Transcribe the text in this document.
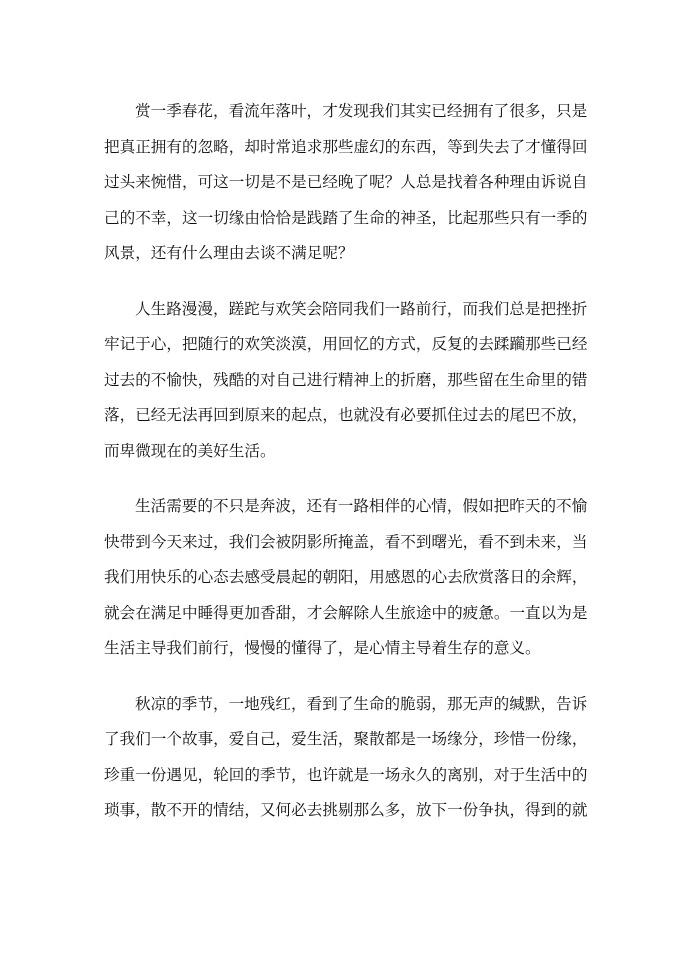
赏一季春花，看流年落叶，才发现我们其实已经拥有了很多，只是
把真正拥有的忽略，却时常追求那些虚幻的东西，等到失去了才懂得回
过头来惋惜，可这一切是不是已经晚了呢？人总是找着各种理由诉说自
己的不幸，这一切缘由恰恰是践踏了生命的神圣，比起那些只有一季的
风景，还有什么理由去谈不满足呢？

人生路漫漫，蹉跎与欢笑会陪同我们一路前行，而我们总是把挫折
牢记于心，把随行的欢笑淡漠，用回忆的方式，反复的去蹂躏那些已经
过去的不愉快，残酷的对自己进行精神上的折磨，那些留在生命里的错
落，已经无法再回到原来的起点，也就没有必要抓住过去的尾巴不放，
而卑微现在的美好生活。

生活需要的不只是奔波，还有一路相伴的心情，假如把昨天的不愉
快带到今天来过，我们会被阴影所掩盖，看不到曙光，看不到未来，当
我们用快乐的心态去感受晨起的朝阳，用感恩的心去欣赏落日的余辉，
就会在满足中睡得更加香甜，才会解除人生旅途中的疲惫。一直以为是
生活主导我们前行，慢慢的懂得了，是心情主导着生存的意义。

秋凉的季节，一地残红，看到了生命的脆弱，那无声的缄默，告诉
了我们一个故事，爱自己，爱生活，聚散都是一场缘分，珍惜一份缘，
珍重一份遇见，轮回的季节，也许就是一场永久的离别，对于生活中的
琐事，散不开的情结，又何必去挑剔那么多，放下一份争执，得到的就
